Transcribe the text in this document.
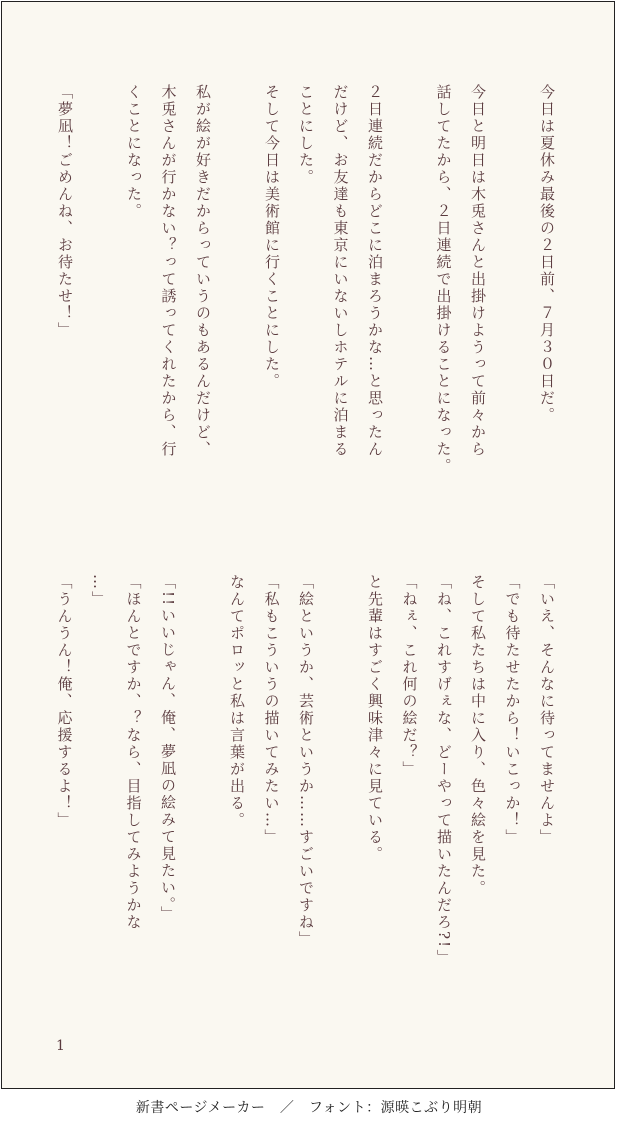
今日は夏休み最後の２日前、７月３０日だ。
今日と明日は木兎さんと出掛けようって前々から
話してたから、２日連続で出掛けることになった。
２日連続だからどこに泊まろうかな…と思ったん
だけど、お友達も東京にいないしホテルに泊まる
ことにした。
そして今日は美術館に行くことにした。
私が絵が好きだからっていうのもあるんだけど、
木兎さんが行かない？って誘ってくれたから、行
くことになった。
「夢凪！ごめんね、お待たせ！」
「いえ、そんなに待ってませんよ」
「でも待たせたから！いこっか！」
そして私たちは中に入り、色々絵を見た。
「ね、これすげぇな、どーやって描いたんだろ?!」
「ねぇ、これ何の絵だ？」
と先輩はすごく興味津々に見ている。
「絵というか、芸術というか……すごいですね」
「私もこういうの描いてみたい…」
なんてポロッと私は言葉が出る。
「!!いいじゃん、俺、夢凪の絵みて見たい。」
「ほんとですか、？なら、目指してみようかな
…」
「うんうん！俺、応援するよ！」
1
新書ページメーカー　／　フォント：源暎こぶり明朝
